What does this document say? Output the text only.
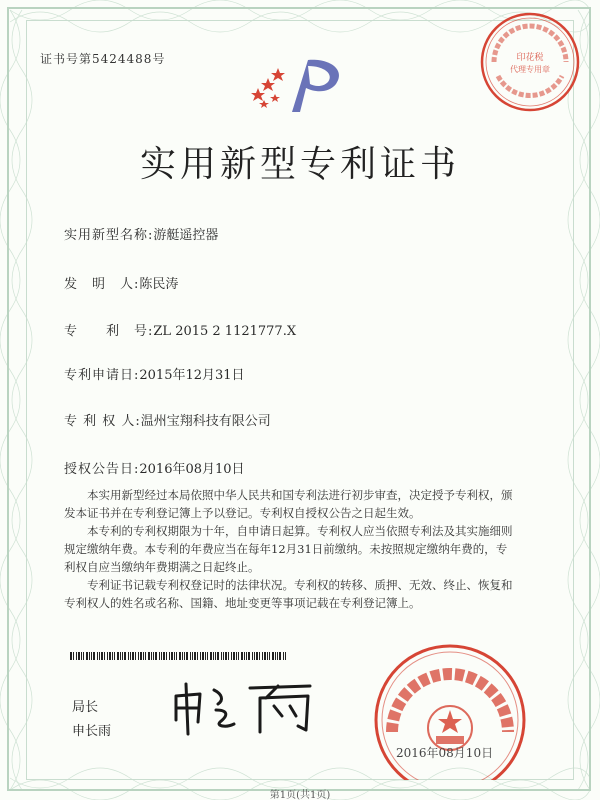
证书号第5424488号
实用新型专利证书
实用新型名称:游艇遥控器
发　明　人:陈民涛
专　　利　号:ZL 2015 2 1121777.X
专利申请日:2015年12月31日
专 利 权 人:温州宝翔科技有限公司
授权公告日:2016年08月10日
　　本实用新型经过本局依照中华人民共和国专利法进行初步审查，决定授予专利权，颁
发本证书并在专利登记簿上予以登记。专利权自授权公告之日起生效。
　　本专利的专利权期限为十年，自申请日起算。专利权人应当依照专利法及其实施细则
规定缴纳年费。本专利的年费应当在每年12月31日前缴纳。未按照规定缴纳年费的，专
利权自应当缴纳年费期满之日起终止。
　　专利证书记载专利权登记时的法律状况。专利权的转移、质押、无效、终止、恢复和
专利权人的姓名或名称、国籍、地址变更等事项记载在专利登记簿上。
局长
申长雨
印花税
代理专用章
2016年08月10日
第1页(共1页)
